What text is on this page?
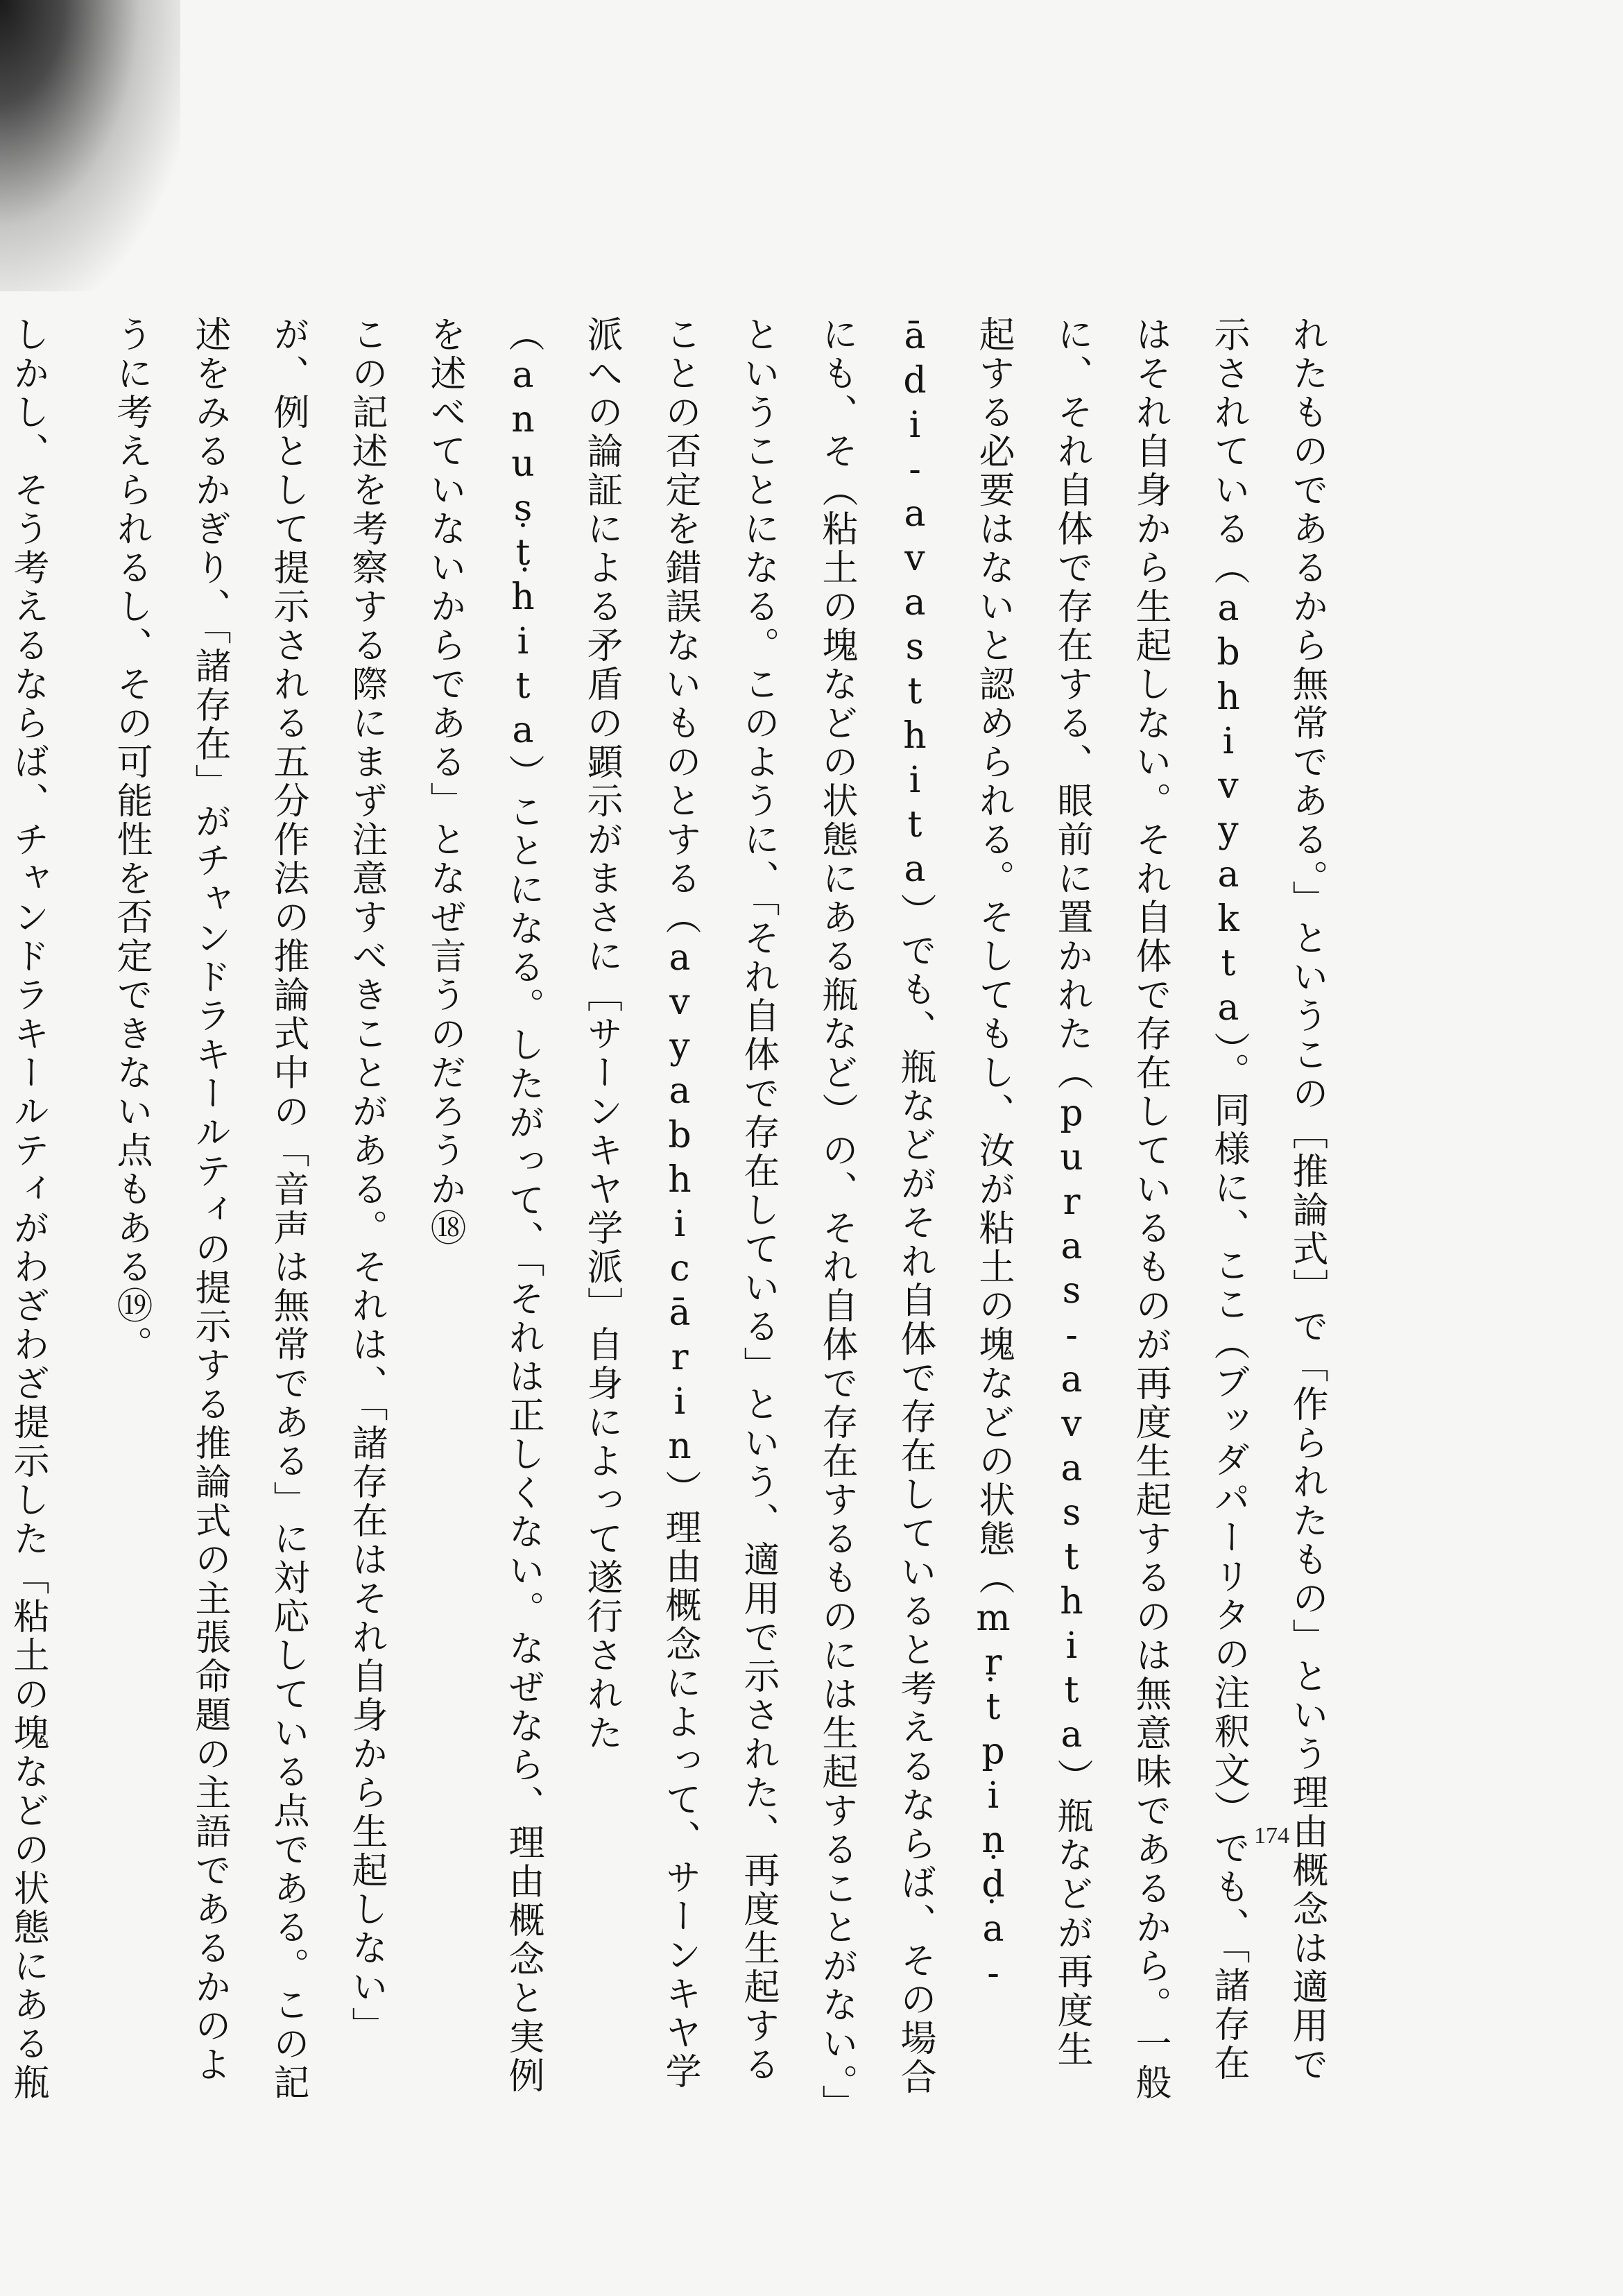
れたものであるから無常である。」というこの［推論式］で「作られたもの」という理由概念は適用で示されている（abhivyakta）。同様に、ここ（ブッダパーリタの注釈文）でも、「諸存在はそれ自身から生起しない。それ自体で存在しているものが再度生起するのは無意味であるから。一般に、それ自体で存在する、眼前に置かれた（puras-avasthita）瓶などが再度生起する必要はないと認められる。そしてもし、汝が粘土の塊などの状態（mṛtpiṇḍa-ādi-avasthita）でも、瓶などがそれ自体で存在していると考えるならば、その場合にも、そ（粘土の塊などの状態にある瓶など）の、それ自体で存在するものには生起することがない。」ということになる。このように、「それ自体で存在している」という、適用で示された、再度生起することの否定を錯誤ないものとする（avyabhicārin）理由概念によって、サーンキヤ学派への論証による矛盾の顕示がまさに［サーンキヤ学派］自身によって遂行された（anuṣṭhita）ことになる。したがって、「それは正しくない。なぜなら、理由概念と実例を述べていないからである」となぜ言うのだろうか⑱

この記述を考察する際にまず注意すべきことがある。それは、「諸存在はそれ自身から生起しない」が、例として提示される五分作法の推論式中の「音声は無常である」に対応している点である。この記述をみるかぎり、「諸存在」がチャンドラキールティの提示する推論式の主張命題の主語であるかのように考えられるし、その可能性を否定できない点もある⑲。

しかし、そう考えるならば、チャンドラキールティがわざわざ提示した「粘土の塊などの状態にある瓶

174
